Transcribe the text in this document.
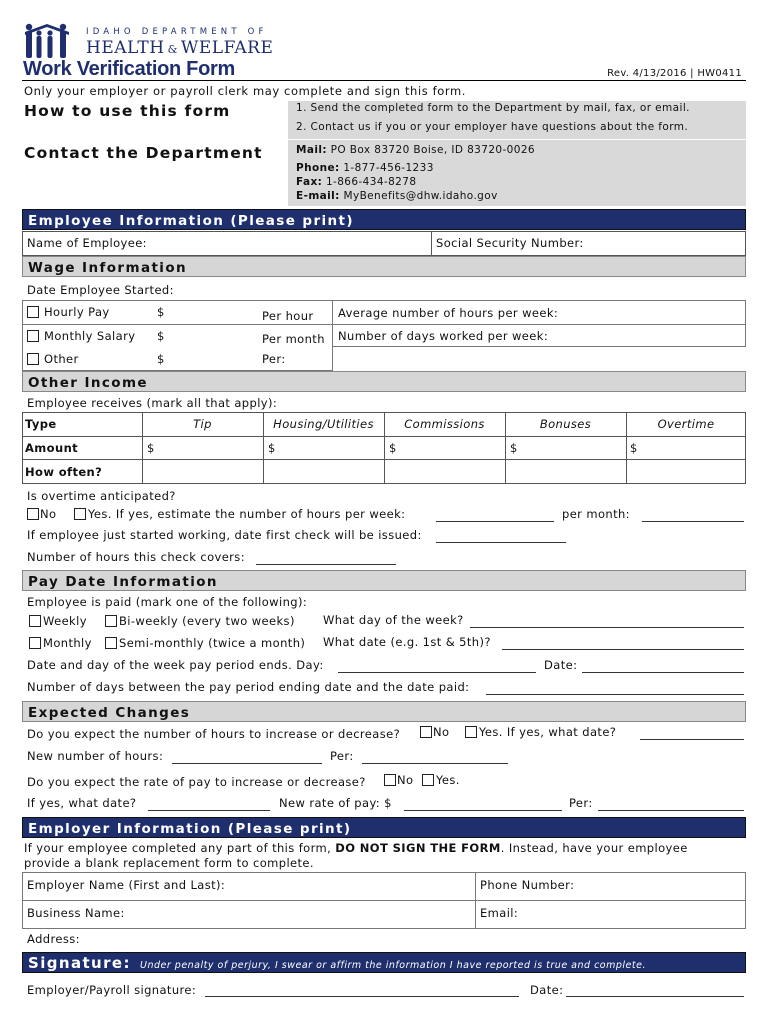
IDAHO DEPARTMENT OF
HEALTH & WELFARE
Work Verification Form	Rev. 4/13/2016 | HW0411
Only your employer or payroll clerk may complete and sign this form.
How to use this form	1. Send the completed form to the Department by mail, fax, or email.
2. Contact us if you or your employer have questions about the form.
Contact the Department	Mail: PO Box 83720 Boise, ID 83720-0026
Phone: 1-877-456-1233
Fax: 1-866-434-8278
E-mail: MyBenefits@dhw.idaho.gov
Employee Information (Please print)
Name of Employee:	Social Security Number:
Wage Information
Date Employee Started:
Hourly Pay	$	Per hour Average number of hours per week:
Monthly Salary $	Per month Number of days worked per week:
Other	$	Per:
Other Income
Employee receives (mark all that apply):
Type	Tip	Housing/Utilities	Commissions	Bonuses	Overtime
Amount	$	$	$	$	$
How often?
Is overtime anticipated?
No	Yes. If yes, estimate the number of hours per week:	per month:
If employee just started working, date first check will be issued:
Number of hours this check covers:
Pay Date Information
Employee is paid (mark one of the following):
Weekly	Bi-weekly (every two weeks) What day of the week?
Monthly Semi-monthly (twice a month) What date (e.g. 1st & 5th)?
Date and day of the week pay period ends. Day:	Date:
Number of days between the pay period ending date and the date paid:
Expected Changes
Do you expect the number of hours to increase or decrease?	No	Yes. If yes, what date?
New number of hours:	Per:
Do you expect the rate of pay to increase or decrease?	No Yes.
If yes, what date?	New rate of pay: $	Per:
Employer Information (Please print)
If your employee completed any part of this form, DO NOT SIGN THE FORM. Instead, have your employee
provide a blank replacement form to complete.
Employer Name (First and Last):	Phone Number:
Business Name:	Email:
Address:
Signature: Under penalty of perjury, I swear or affirm the information I have reported is true and complete.
Employer/Payroll signature:	Date:
